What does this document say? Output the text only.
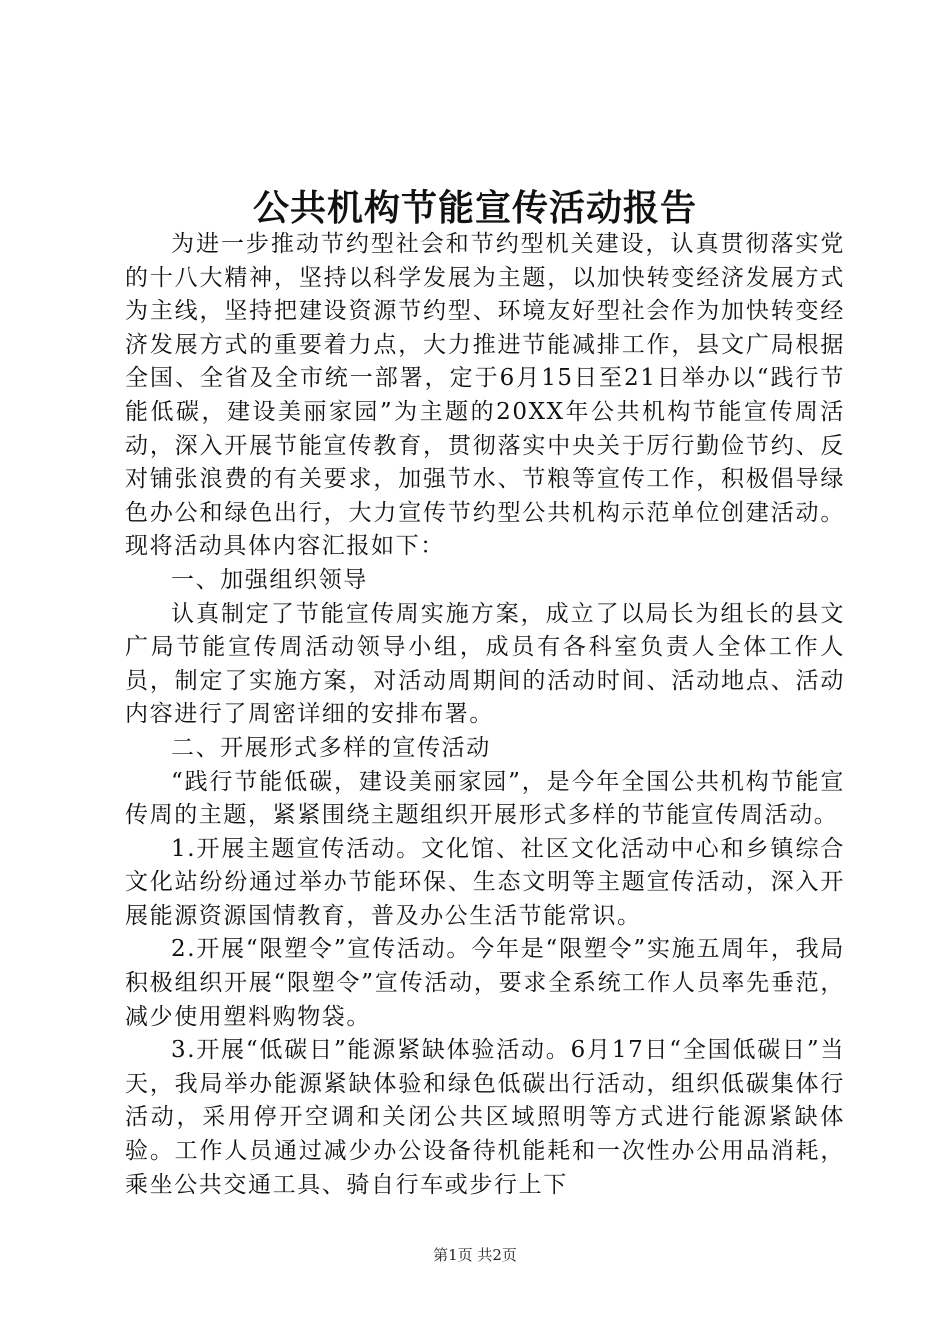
公共机构节能宣传活动报告

为进一步推动节约型社会和节约型机关建设，认真贯彻落实党的十八大精神，坚持以科学发展为主题，以加快转变经济发展方式为主线，坚持把建设资源节约型、环境友好型社会作为加快转变经济发展方式的重要着力点，大力推进节能减排工作，县文广局根据全国、全省及全市统一部署，定于6月15日至21日举办以“践行节能低碳，建设美丽家园”为主题的20XX年公共机构节能宣传周活动，深入开展节能宣传教育，贯彻落实中央关于厉行勤俭节约、反对铺张浪费的有关要求，加强节水、节粮等宣传工作，积极倡导绿色办公和绿色出行，大力宣传节约型公共机构示范单位创建活动。现将活动具体内容汇报如下：

一、加强组织领导

认真制定了节能宣传周实施方案，成立了以局长为组长的县文广局节能宣传周活动领导小组，成员有各科室负责人全体工作人员，制定了实施方案，对活动周期间的活动时间、活动地点、活动内容进行了周密详细的安排布署。

二、开展形式多样的宣传活动

“践行节能低碳，建设美丽家园”，是今年全国公共机构节能宣传周的主题，紧紧围绕主题组织开展形式多样的节能宣传周活动。

1.开展主题宣传活动。文化馆、社区文化活动中心和乡镇综合文化站纷纷通过举办节能环保、生态文明等主题宣传活动，深入开展能源资源国情教育，普及办公生活节能常识。

2.开展“限塑令”宣传活动。今年是“限塑令”实施五周年，我局积极组织开展“限塑令”宣传活动，要求全系统工作人员率先垂范，减少使用塑料购物袋。

3.开展“低碳日”能源紧缺体验活动。6月17日“全国低碳日”当天，我局举办能源紧缺体验和绿色低碳出行活动，组织低碳集体行活动，采用停开空调和关闭公共区域照明等方式进行能源紧缺体验。工作人员通过减少办公设备待机能耗和一次性办公用品消耗，乘坐公共交通工具、骑自行车或步行上下

第1页 共2页
